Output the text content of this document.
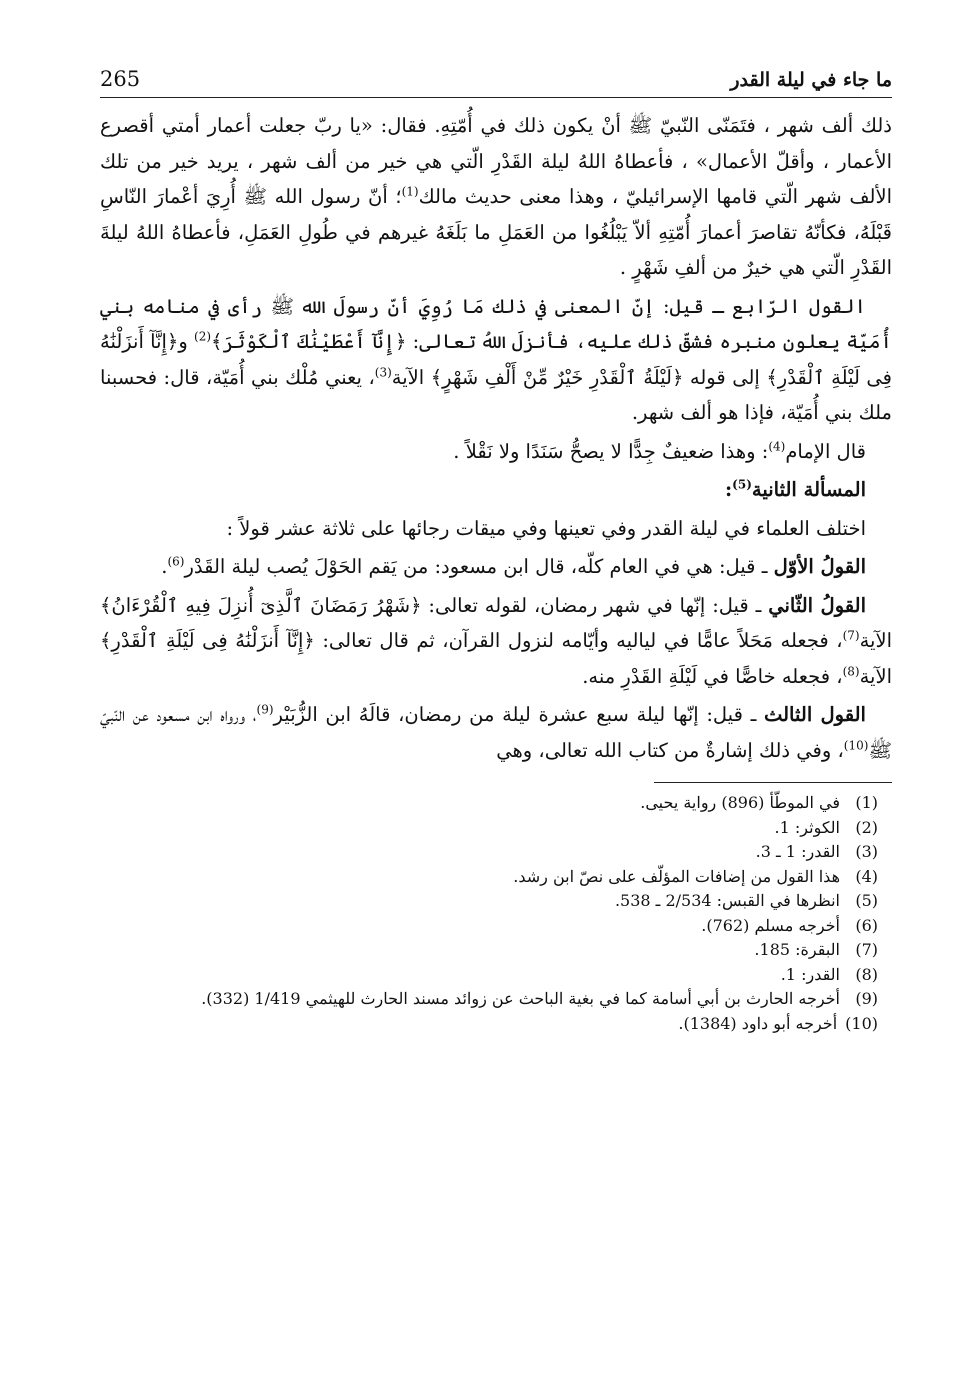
ما جاء في ليلة القدر
265

ذلك ألف شهر ، فتَمَنّى النّبيّ ﷺ أنْ يكون ذلك في أُمّتِهِ. فقال: «يا ربّ جعلت أعمار أمتي أقصرع الأعمار ، وأقلّ الأعمال» ، فأعطاهُ اللهُ ليلة القَدْرِ الّتي هي خير من ألف شهر ، يريد خير من تلك الألف شهر الّتي قامها الإسرائيليّ ، وهذا معنى حديث مالك$^{(1)}$؛ أنّ رسول الله ﷺ أُرِيَ أعْمارَ النّاسِ قَبْلَهُ، فكأنّهُ تقاصرَ أعمارَ أُمّتِهِ ألاّ يَبْلُغُوا من العَمَلِ ما بَلَغَهُ غيرهم في طُولِ العَمَلِ، فأعطاهُ اللهُ ليلةَ القَدْرِ الّتي هي خيرٌ من ألفِ شَهْرٍ .

القول الرّابع ـ قيل: إنّ المعنى في ذلك مَا رُوِيَ أنّ رسولَ الله ﷺ رأى في منامه بني أُمَيّة يعلون منبره فشقّ ذلك عليه، فأنزلَ اللهُ تعالى: ﴿إِنَّآ أَعْطَيْنَٰكَ ٱلْكَوْثَرَ﴾$^{(2)}$ و﴿إِنَّآ أَنزَلْنَٰهُ فِى لَيْلَةِ ٱلْقَدْرِ﴾ إلى قوله ﴿لَيْلَةُ ٱلْقَدْرِ خَيْرٌ مِّنْ أَلْفِ شَهْرٍ﴾ الآية$^{(3)}$، يعني مُلْك بني أُمَيّة، قال: فحسبنا ملك بني أُمَيّة، فإذا هو ألف شهر.

قال الإمام$^{(4)}$: وهذا ضعيفٌ جِدًّا لا يصحُّ سَنَدًا ولا نَقْلاً .

المسألة الثانية$^{(5)}$:

اختلف العلماء في ليلة القدر وفي تعينها وفي ميقات رجائها على ثلاثة عشر قولاً :

القولُ الأوّل ـ قيل: هي في العام كلّه، قال ابن مسعود: من يَقم الحَوْلَ يُصب ليلة القَدْر$^{(6)}$.

القولُ الثّاني ـ قيل: إنّها في شهر رمضان، لقوله تعالى: ﴿شَهْرُ رَمَضَانَ ٱلَّذِىٓ أُنزِلَ فِيهِ ٱلْقُرْءَانُ﴾ الآية$^{(7)}$، فجعله مَحَلاً عامًّا في لياليه وأيّامه لنزول القرآن، ثم قال تعالى: ﴿إِنَّآ أَنزَلْنَٰهُ فِى لَيْلَةِ ٱلْقَدْرِ﴾ الآية$^{(8)}$، فجعله خاصًّا في لَيْلَةِ القَدْرِ منه.

القول الثالث ـ قيل: إنّها ليلة سبع عشرة ليلة من رمضان، قالَهُ ابن الزُّبَيْر$^{(9)}$، ورواه ابن مسعود عن النّبيّ ﷺ$^{(10)}$، وفي ذلك إشارةٌ من كتاب الله تعالى، وهي

(1)
في الموطّأ (896) رواية يحيى.
(2)
الكوثر: 1.
(3)
القدر: 1 ـ 3.
(4)
هذا القول من إضافات المؤلّف على نصّ ابن رشد.
(5)
انظرها في القبس: 2/534 ـ 538.
(6)
أخرجه مسلم (762).
(7)
البقرة: 185.
(8)
القدر: 1.
(9)
أخرجه الحارث بن أبي أسامة كما في بغية الباحث عن زوائد مسند الحارث للهيثمي 1/419 (332).
(10)
أخرجه أبو داود (1384).
